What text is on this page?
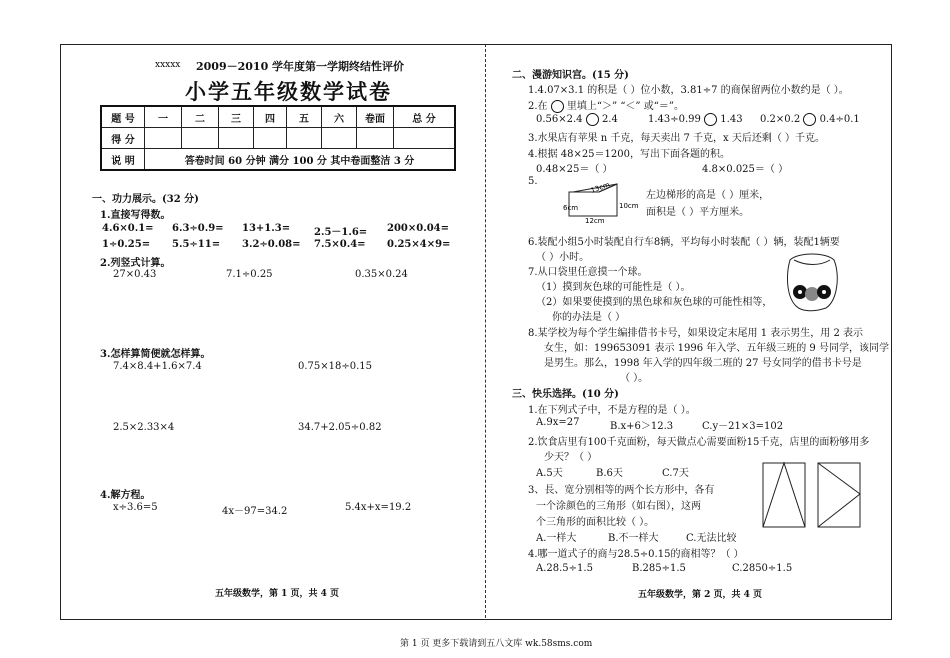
xxxxx 2009－2010 学年度第一学期终结性评价
小学五年级数学试卷
题 号	一	二	三	四	五	六	卷面	总 分
得 分								
说 明	答卷时间 60 分钟 满分 100 分 其中卷面整洁 3 分							
一、功力展示。(32 分)
1.直接写得数。
4.6×0.1= 6.3÷0.9= 13+1.3= 2.5－1.6= 200×0.04=
1÷0.25= 5.5÷11= 3.2÷0.08= 7.5×0.4= 0.25×4×9=
2.列竖式计算。
27×0.43	7.1÷0.25	0.35×0.24
3.怎样算简便就怎样算。
7.4×8.4+1.6×7.4	0.75×18÷0.15
2.5×2.33×4	34.7+2.05÷0.82
4.解方程。
x÷3.6=5	4x－97=34.2	5.4x+x=19.2
五年级数学，第 1 页，共 4 页
二、漫游知识宫。(15 分)
1.4.07×3.1 的积是（ ）位小数，3.81÷7 的商保留两位小数约是（ ）。
2.在 里填上“＞” “＜” 或“＝”。
0.56×2.4 2.4	1.43÷0.99 1.43 0.2×0.2 0.4÷0.1
3.水果店有苹果 n 千克，每天卖出 7 千克，x 天后还剩（ ）千克。
4.根据 48×25＝1200，写出下面各题的积。
0.48×25＝（ ）	4.8×0.025＝（ ）
5.
6cm
13cm
12cm
10cm
左边梯形的高是（ ）厘米，
面积是（ ）平方厘米。
6.装配小组5小时装配自行车8辆，平均每小时装配（ ）辆，装配1辆要
（ ）小时。
7.从口袋里任意摸一个球。
（1）摸到灰色球的可能性是（ ）。
（2）如果要使摸到的黑色球和灰色球的可能性相等，
你的办法是（ ）
8.某学校为每个学生编排借书卡号，如果设定末尾用 1 表示男生，用 2 表示
女生，如：199653091 表示 1996 年入学、五年级三班的 9 号同学，该同学
是男生。那么，1998 年入学的四年级二班的 27 号女同学的借书卡号是
（ ）。
三、快乐选择。(10 分)
1.在下列式子中，不是方程的是（ ）。
A.9x=27	B.x+6＞12.3	C.y－21×3=102
2.饮食店里有100千克面粉，每天做点心需要面粉15千克，店里的面粉够用多
少天？（ ）
A.5天	B.6天	C.7天
3、長、宽分别相等的两个长方形中，各有
一个涂颜色的三角形（如右图），这两
个三角形的面积比较（ ）。
A.一样大	B.不一样大	C.无法比较
4.哪一道式子的商与28.5÷0.15的商相等？（ ）
A.28.5÷1.5	B.285÷1.5	C.2850÷1.5
五年级数学，第 2 页，共 4 页
第 1 页 更多下载请到五八文库 wk.58sms.com
